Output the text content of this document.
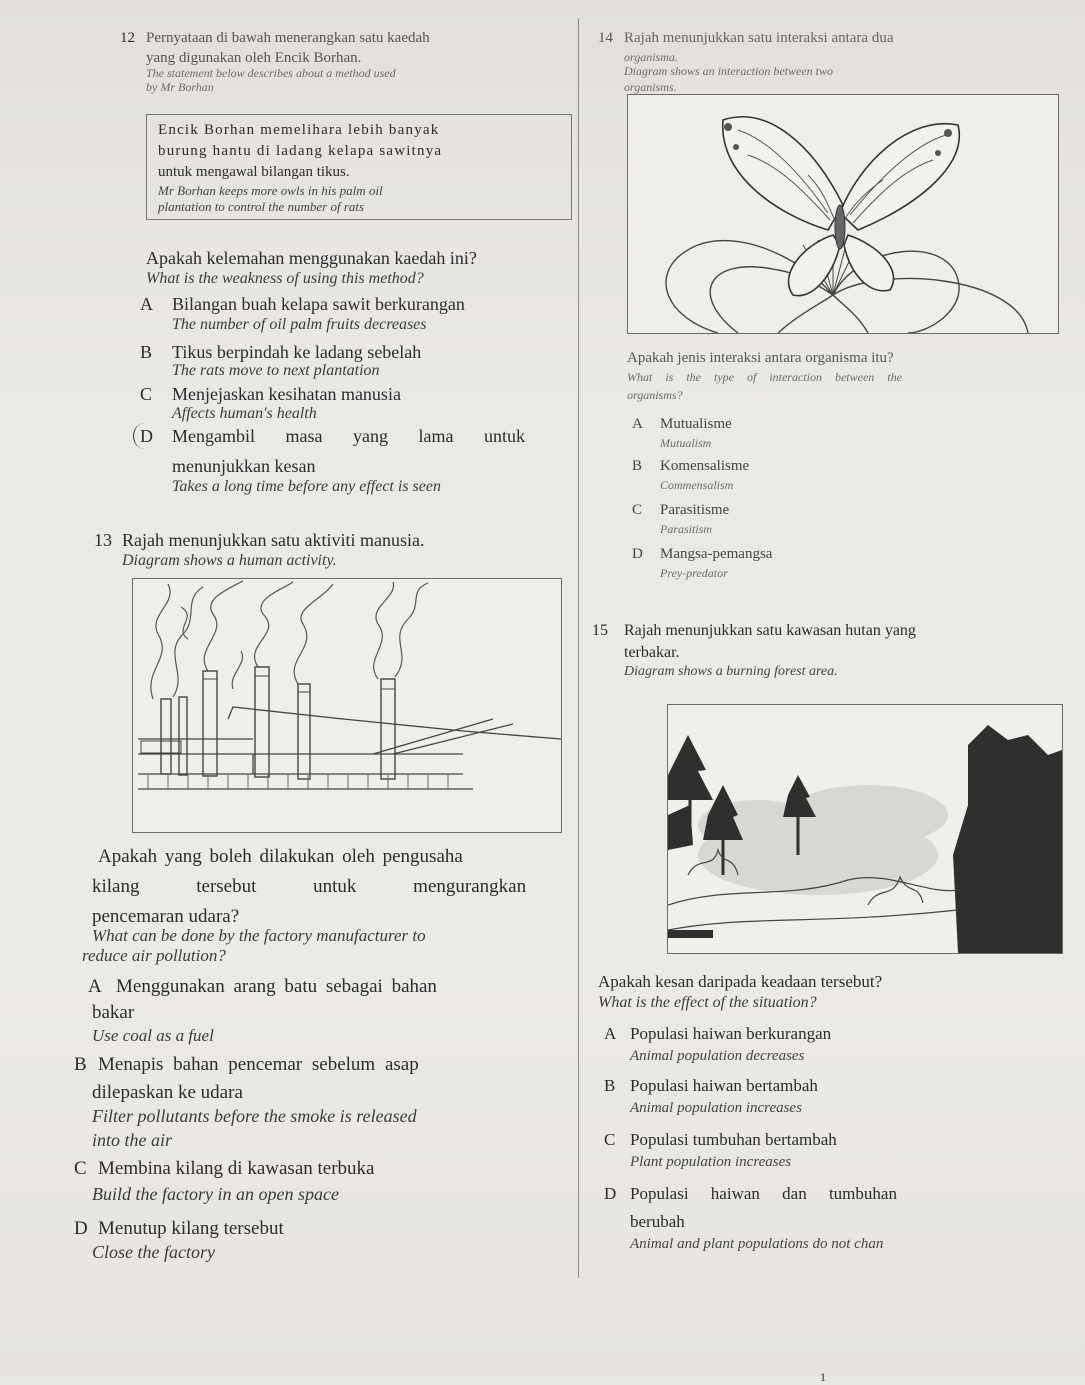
12 Pernyataan di bawah menerangkan satu kaedah

yang digunakan oleh Encik Borhan.

The statement below describes about a method used

by Mr Borhan

Encik Borhan memelihara lebih banyak

burung hantu di ladang kelapa sawitnya

untuk mengawal bilangan tikus.

Mr Borhan keeps more owls in his palm oil

plantation to control the number of rats

Apakah kelemahan menggunakan kaedah ini?

What is the weakness of using this method?

A Bilangan buah kelapa sawit berkurangan

The number of oil palm fruits decreases

B Tikus berpindah ke ladang sebelah

The rats move to next plantation

C Menjejaskan kesihatan manusia

Affects human's health

D Mengambil masa yang lama untuk

menunjukkan kesan

Takes a long time before any effect is seen

13 Rajah menunjukkan satu aktiviti manusia.

Diagram shows a human activity.

Apakah yang boleh dilakukan oleh pengusaha

kilang tersebut untuk mengurangkan

pencemaran udara?

What can be done by the factory manufacturer to

reduce air pollution?

A Menggunakan arang batu sebagai bahan

bakar

Use coal as a fuel

B Menapis bahan pencemar sebelum asap

dilepaskan ke udara

Filter pollutants before the smoke is released

into the air

C Membina kilang di kawasan terbuka

Build the factory in an open space

D Menutup kilang tersebut

Close the factory

14 Rajah menunjukkan satu interaksi antara dua

organisma.

Diagram shows an interaction between two

organisms.

Apakah jenis interaksi antara organisma itu?

What is the type of interaction between the

organisms?

A Mutualisme

Mutualism

B Komensalisme

Commensalism

C Parasitisme

Parasitism

D Mangsa-pemangsa

Prey-predator

15 Rajah menunjukkan satu kawasan hutan yang

terbakar.

Diagram shows a burning forest area.

Apakah kesan daripada keadaan tersebut?

What is the effect of the situation?

A Populasi haiwan berkurangan

Animal population decreases

B Populasi haiwan bertambah

Animal population increases

C Populasi tumbuhan bertambah

Plant population increases

D Populasi haiwan dan tumbuhan

berubah

Animal and plant populations do not chan

1
